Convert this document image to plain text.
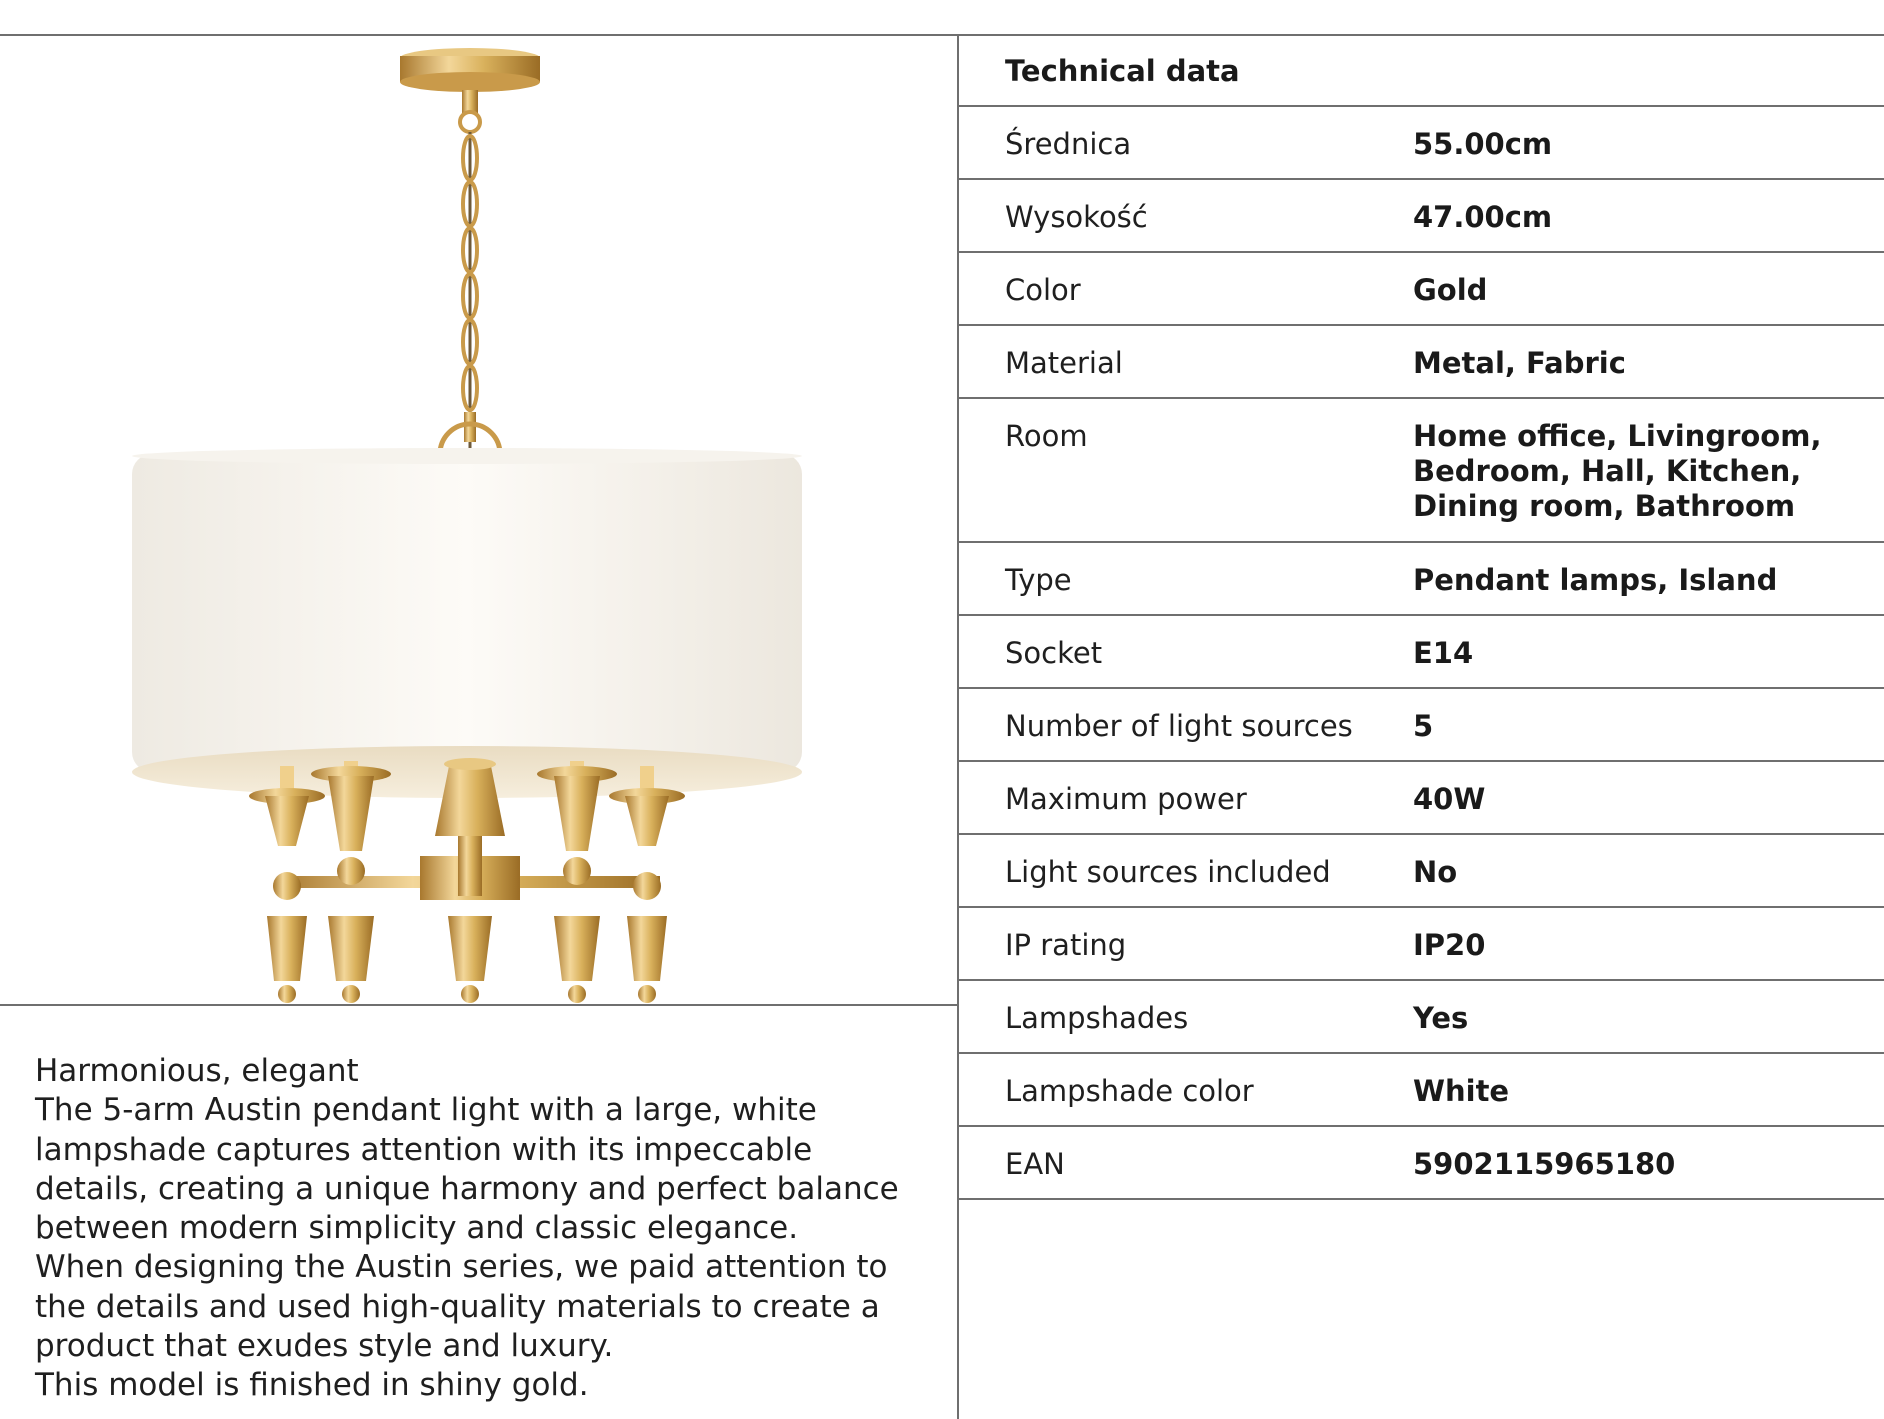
Harmonious, elegant

The 5-arm Austin pendant light with a large, white lampshade captures attention with its impeccable details, creating a unique harmony and perfect balance between modern simplicity and classic elegance.

When designing the Austin series, we paid attention to the details and used high-quality materials to create a product that exudes style and luxury.

This model is finished in shiny gold.

Technical data
Średnica	55.00cm
Wysokość	47.00cm
Color	Gold
Material	Metal, Fabric
Room	Home office, Livingroom, Bedroom, Hall, Kitchen, Dining room, Bathroom
Type	Pendant lamps, Island
Socket	E14
Number of light sources	5
Maximum power	40W
Light sources included	No
IP rating	IP20
Lampshades	Yes
Lampshade color	White
EAN	5902115965180
